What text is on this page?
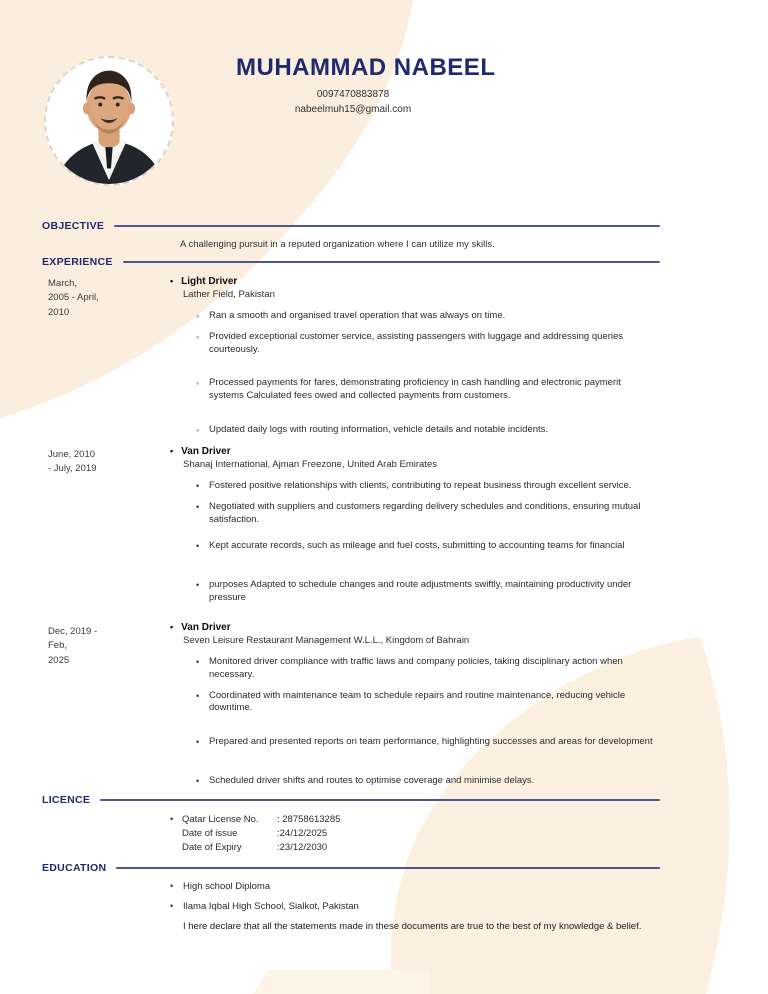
MUHAMMAD NABEEL
0097470883878
nabeelmuh15@gmail.com
OBJECTIVE
A challenging pursuit in a reputed organization where I can utilize my skills.
EXPERIENCE
March,
2005 - April,
2010
• Light Driver
Lather Field, Pakistan
◦ Ran a smooth and organised travel operation that was always on time.
◦ Provided exceptional customer service, assisting passengers with luggage and addressing queries courteously.
◦ Processed payments for fares, demonstrating proficiency in cash handling and electronic paymerit systems Calculated fees owed and collected payments from customers.
◦ Updated daily logs with routing information, vehicle details and notable incidents.
June, 2010
- July, 2019
• Van Driver
Shanaj International, Ajman Freezone, United Arab Emirates
• Fostered positive relationships with clients, contributing to repeat business through excellent service.
• Negotiated with suppliers and customers regarding delivery schedules and conditions, ensuring mutual satisfaction.
• Kept accurate records, such as mileage and fuel costs, submitting to accounting teams for financial
• purposes Adapted to schedule changes and route adjustments swiftly, maintaining productivity under pressure
Dec, 2019 -
Feb,
2025
• Van Driver
Seven Leisure Restaurant Management W.L.L., Kingdom of Bahrain
• Monitored driver compliance with traffic laws and company policies, taking disciplinary action when necessary.
• Coordinated with maintenance team to schedule repairs and routine maintenance, reducing vehicle downtime.
• Prepared and presented reports on team performance, highlighting successes and areas for development
• Scheduled driver shifts and routes to optimise coverage and minimise delays.
LICENCE
• Qatar License No.	: 28758613285
Date of issue	:24/12/2025
Date of Expiry	:23/12/2030
EDUCATION
•	High school Diploma
•	Ilama Iqbal High School, Sialkot, Pakistan
I here declare that all the statements made in these documents are true to the best of my knowledge & belief.
